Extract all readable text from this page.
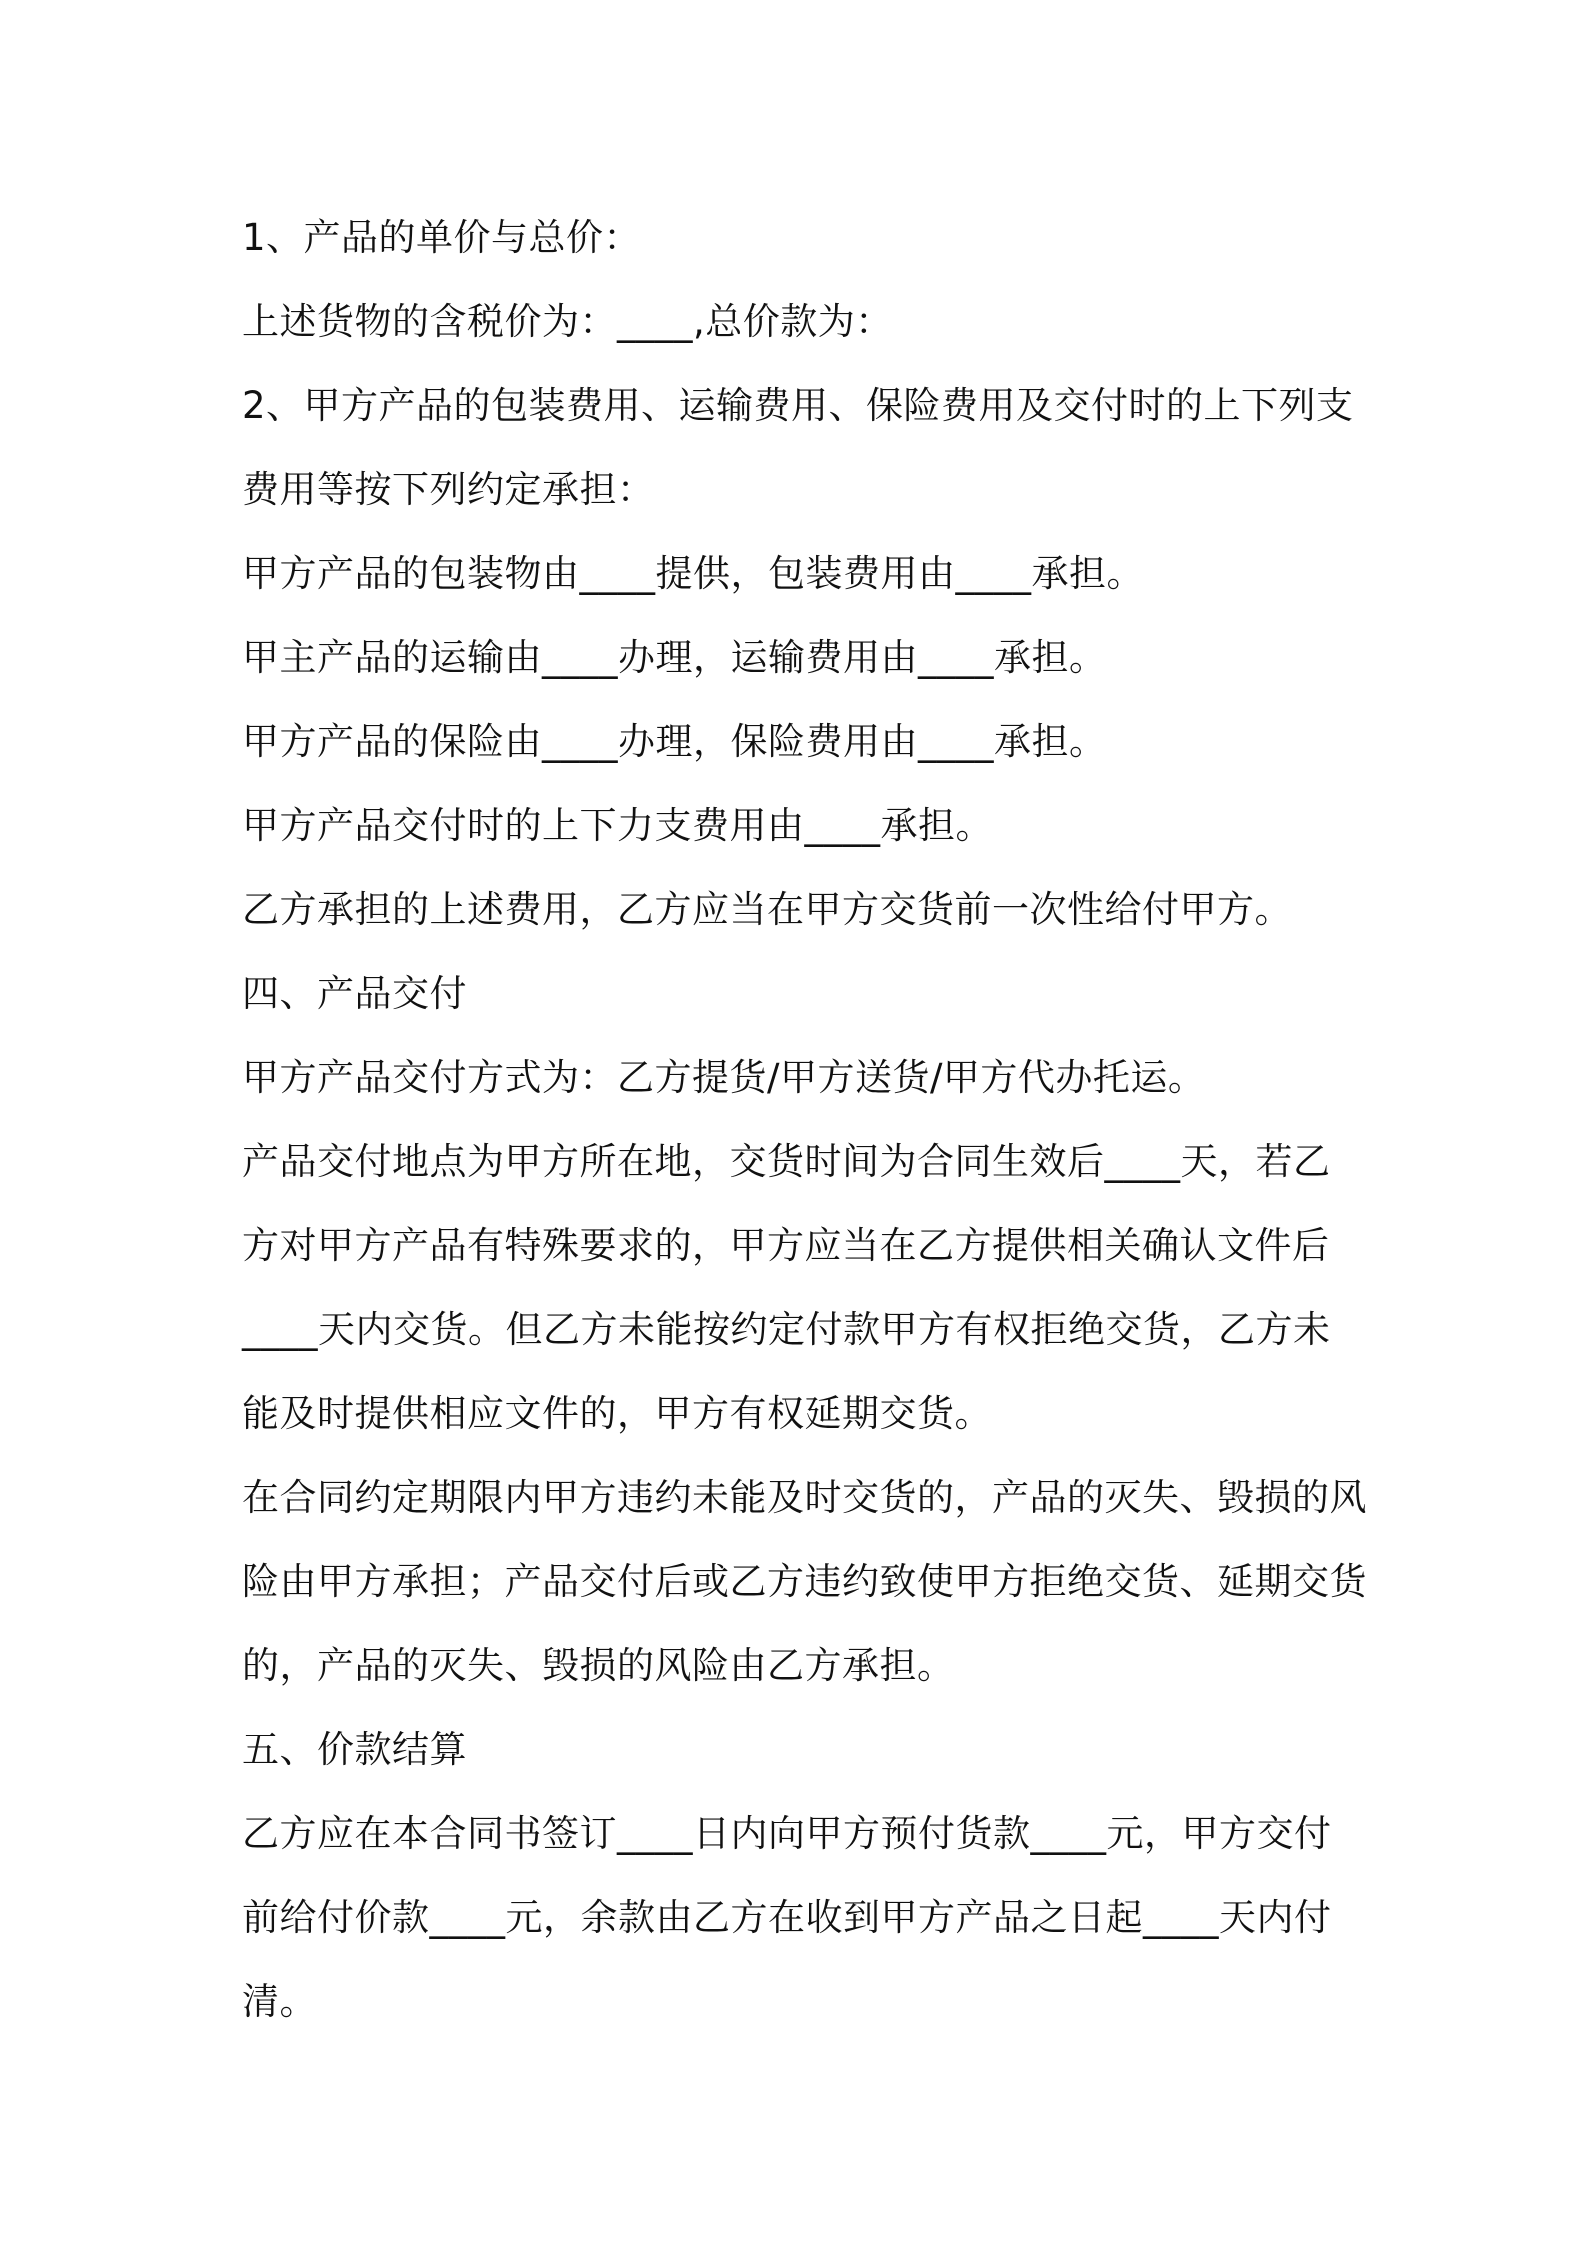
1、产品的单价与总价：
上述货物的含税价为：____,总价款为：
2、甲方产品的包装费用、运输费用、保险费用及交付时的上下列支
费用等按下列约定承担：
甲方产品的包装物由____提供，包装费用由____承担。
甲主产品的运输由____办理，运输费用由____承担。
甲方产品的保险由____办理，保险费用由____承担。
甲方产品交付时的上下力支费用由____承担。
乙方承担的上述费用，乙方应当在甲方交货前一次性给付甲方。
四、产品交付
甲方产品交付方式为：乙方提货/甲方送货/甲方代办托运。
产品交付地点为甲方所在地，交货时间为合同生效后____天，若乙
方对甲方产品有特殊要求的，甲方应当在乙方提供相关确认文件后
____天内交货。但乙方未能按约定付款甲方有权拒绝交货，乙方未
能及时提供相应文件的，甲方有权延期交货。
在合同约定期限内甲方违约未能及时交货的，产品的灭失、毁损的风
险由甲方承担；产品交付后或乙方违约致使甲方拒绝交货、延期交货
的，产品的灭失、毁损的风险由乙方承担。
五、价款结算
乙方应在本合同书签订____日内向甲方预付货款____元，甲方交付
前给付价款____元，余款由乙方在收到甲方产品之日起____天内付
清。
